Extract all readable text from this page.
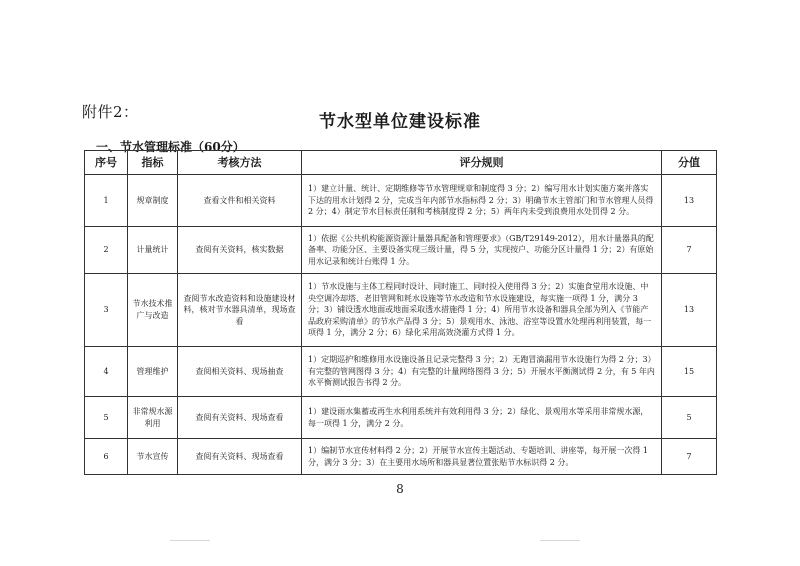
附件2：	节水型单位建设标准
一、节水管理标准（60分）
序号	指标	考核方法	评分规则	分值
1	规章制度	查看文件和相关资料	1）建立计量、统计、定期维修等节水管理规章和制度得 3 分；2）编写用水计划实施方案并落实下达的用水计划得 2 分，完成当年内部节水指标得 2 分；3）明确节水主管部门和节水管理人员得 2 分；4）制定节水目标责任制和考核制度得 2 分；5）两年内未受到浪费用水处罚得 2 分。	13
2	计量统计	查阅有关资料，核实数据	1）依据《公共机构能源资源计量器具配备和管理要求》（GB/T29149-2012），用水计量器具的配备率、功能分区、主要设备实现三级计量，得 5 分，实现按户、功能分区计量得 1 分；2）有原始用水记录和统计台账得 1 分。	7
3	节水技术推广与改造	查阅节水改造资料和设施建设材料，核对节水器具清单，现场查看	1）节水设施与主体工程同时设计、同时施工、同时投入使用得 3 分；2）实施食堂用水设施、中央空调冷却塔、老旧管网和耗水设施等节水改造和节水设施建设，每实施一项得 1 分，满分 3 分；3）铺设透水地面或地面采取透水措施得 1 分；4）所用节水设备和器具全部为列入《节能产品政府采购清单》的节水产品得 3 分；5）景观用水、泳池、浴室等设置水处理再利用装置，每一项得 1 分，满分 2 分；6）绿化采用高效浇灌方式得 1 分。	13
4	管理维护	查阅相关资料、现场抽查	1）定期巡护和维修用水设施设备且记录完整得 3 分；2）无跑冒滴漏用节水设施行为得 2 分；3）有完整的管网图得 3 分；4）有完整的计量网络图得 3 分；5）开展水平衡测试得 2 分，有 5 年内水平衡测试报告书得 2 分。	15
5	非常规水源利用	查阅有关资料、现场查看	1）建设雨水集蓄或再生水利用系统并有效利用得 3 分；2）绿化、景观用水等采用非常规水源，每一项得 1 分，满分 2 分。	5
6	节水宣传	查阅有关资料、现场查看	1）编制节水宣传材料得 2 分；2）开展节水宣传主题活动、专题培训、讲座等，每开展一次得 1 分，满分 3 分；3）在主要用水场所和器具显著位置张贴节水标识得 2 分。	7
8
